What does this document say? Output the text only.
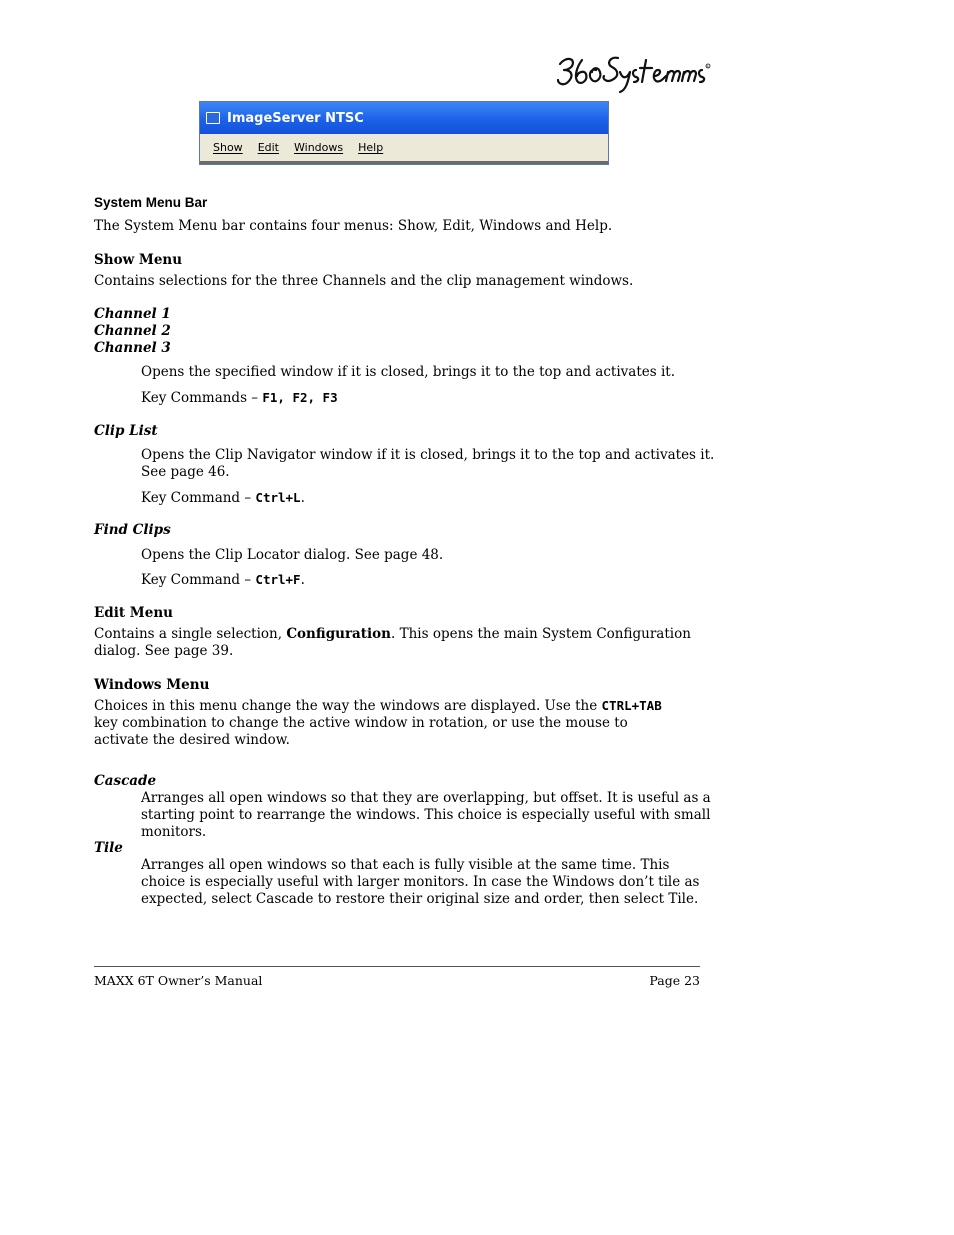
R
ImageServer NTSC
Show Edit Windows Help
System Menu Bar
The System Menu bar contains four menus: Show, Edit, Windows and Help.
Show Menu
Contains selections for the three Channels and the clip management windows.
Channel 1
Channel 2
Channel 3
Opens the specified window if it is closed, brings it to the top and activates it.
Key Commands – F1, F2, F3
Clip List
Opens the Clip Navigator window if it is closed, brings it to the top and activates it. See page 46.
Key Command – Ctrl+L.
Find Clips
Opens the Clip Locator dialog. See page 48.
Key Command – Ctrl+F.
Edit Menu
Contains a single selection, Configuration. This opens the main System Configuration dialog. See page 39.
Windows Menu
Choices in this menu change the way the windows are displayed. Use the CTRL+TAB key combination to change the active window in rotation, or use the mouse to activate the desired window.
Cascade
Arranges all open windows so that they are overlapping, but offset. It is useful as a starting point to rearrange the windows. This choice is especially useful with small monitors.
Tile
Arranges all open windows so that each is fully visible at the same time. This choice is especially useful with larger monitors. In case the Windows don’t tile as expected, select Cascade to restore their original size and order, then select Tile.
MAXX 6T Owner’s Manual	Page 23
